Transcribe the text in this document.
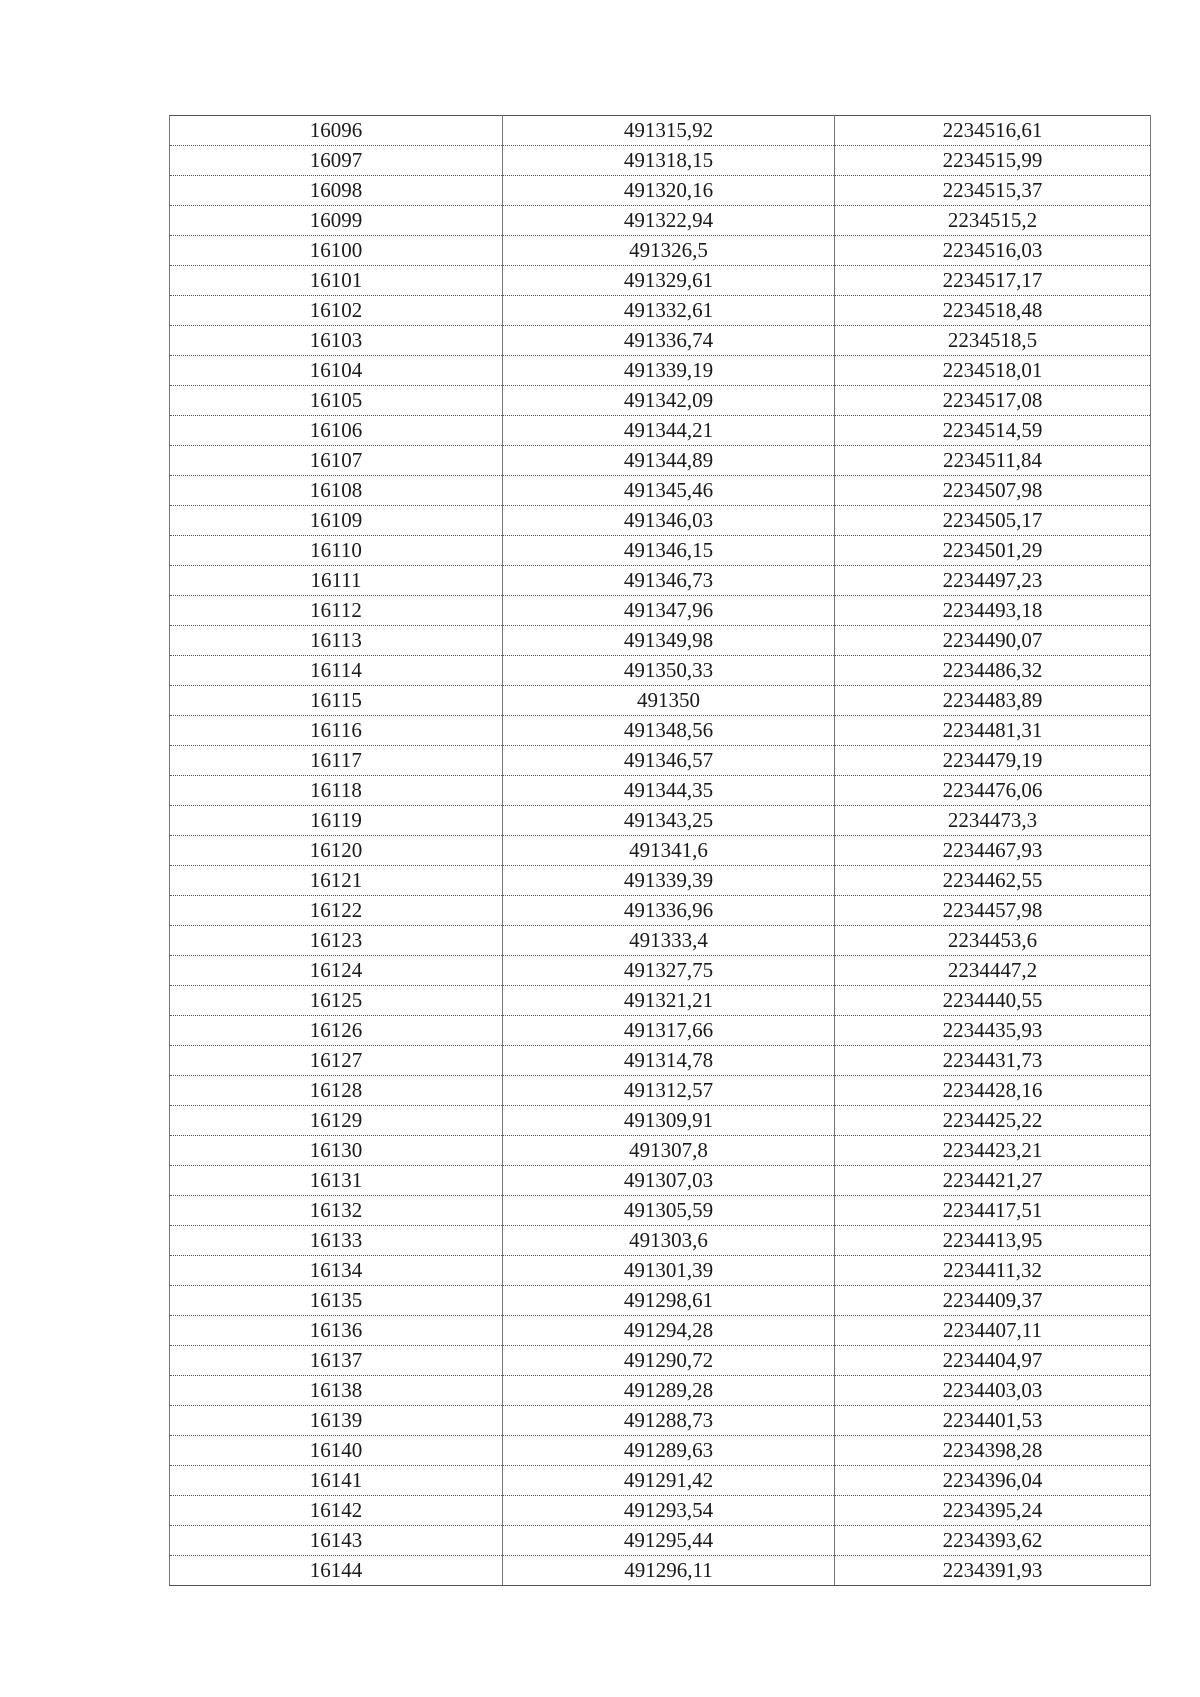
16096	491315,92	2234516,61
16097	491318,15	2234515,99
16098	491320,16	2234515,37
16099	491322,94	2234515,2
16100	491326,5	2234516,03
16101	491329,61	2234517,17
16102	491332,61	2234518,48
16103	491336,74	2234518,5
16104	491339,19	2234518,01
16105	491342,09	2234517,08
16106	491344,21	2234514,59
16107	491344,89	2234511,84
16108	491345,46	2234507,98
16109	491346,03	2234505,17
16110	491346,15	2234501,29
16111	491346,73	2234497,23
16112	491347,96	2234493,18
16113	491349,98	2234490,07
16114	491350,33	2234486,32
16115	491350	2234483,89
16116	491348,56	2234481,31
16117	491346,57	2234479,19
16118	491344,35	2234476,06
16119	491343,25	2234473,3
16120	491341,6	2234467,93
16121	491339,39	2234462,55
16122	491336,96	2234457,98
16123	491333,4	2234453,6
16124	491327,75	2234447,2
16125	491321,21	2234440,55
16126	491317,66	2234435,93
16127	491314,78	2234431,73
16128	491312,57	2234428,16
16129	491309,91	2234425,22
16130	491307,8	2234423,21
16131	491307,03	2234421,27
16132	491305,59	2234417,51
16133	491303,6	2234413,95
16134	491301,39	2234411,32
16135	491298,61	2234409,37
16136	491294,28	2234407,11
16137	491290,72	2234404,97
16138	491289,28	2234403,03
16139	491288,73	2234401,53
16140	491289,63	2234398,28
16141	491291,42	2234396,04
16142	491293,54	2234395,24
16143	491295,44	2234393,62
16144	491296,11	2234391,93
